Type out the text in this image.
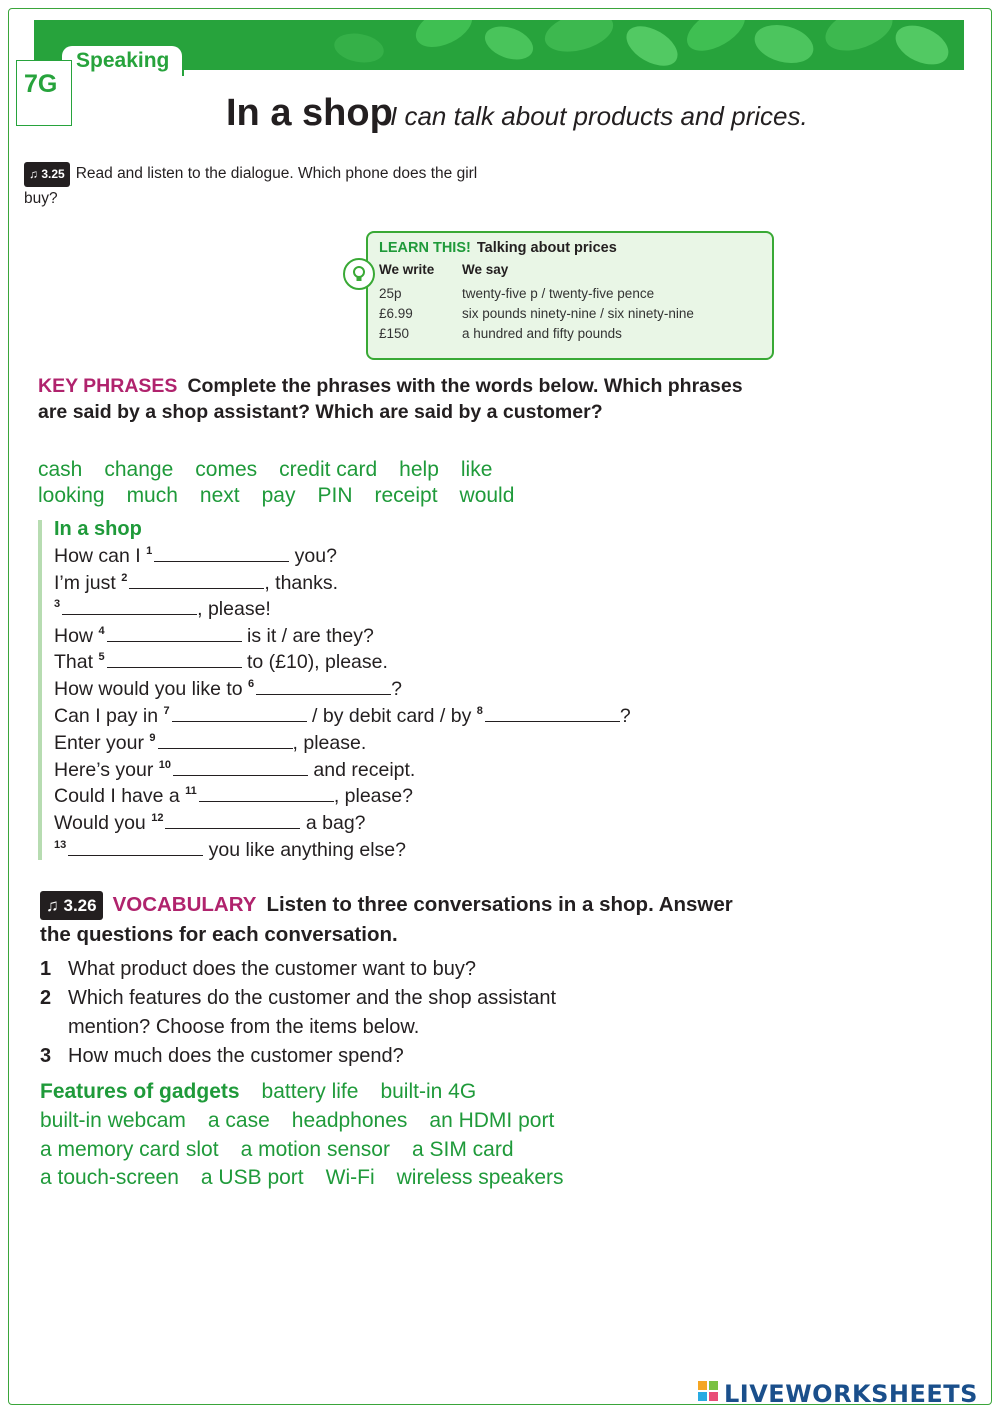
Speaking
7G
In a shop
I can talk about products and prices.
♫ 3.25 Read and listen to the dialogue. Which phone does the girl buy?
LEARN THIS! Talking about prices
We write We say
25p	twenty-five p / twenty-five pence
£6.99	six pounds ninety-nine / six ninety-nine
£150	a hundred and fifty pounds
KEY PHRASES Complete the phrases with the words below. Which phrases are said by a shop assistant? Which are said by a customer?
cash change comes credit card help like
looking much next pay PIN receipt would
In a shop
How can I $^1$	you?
I’m just $^2$	, thanks.
$^3$	, please!
How $^4$	is it / are they?
That $^5$	to (£10), please.
How would you like to $^6$	?
Can I pay in $^7$	/ by debit card / by $^8$	?
Enter your $^9$	, please.
Here’s your $^{10}$	and receipt.
Could I have a $^{11}$	, please?
Would you $^{12}$	a bag?
$^{13}$	you like anything else?
♫ 3.26 VOCABULARY Listen to three conversations in a shop. Answer the questions for each conversation.
1 What product does the customer want to buy?
2 Which features do the customer and the shop assistant
mention? Choose from the items below.
3 How much does the customer spend?
Features of gadgets battery life built-in 4G
built-in webcam a case headphones an HDMI port
a memory card slot a motion sensor a SIM card
a touch-screen a USB port Wi-Fi wireless speakers
LIVEWORKSHEETS
